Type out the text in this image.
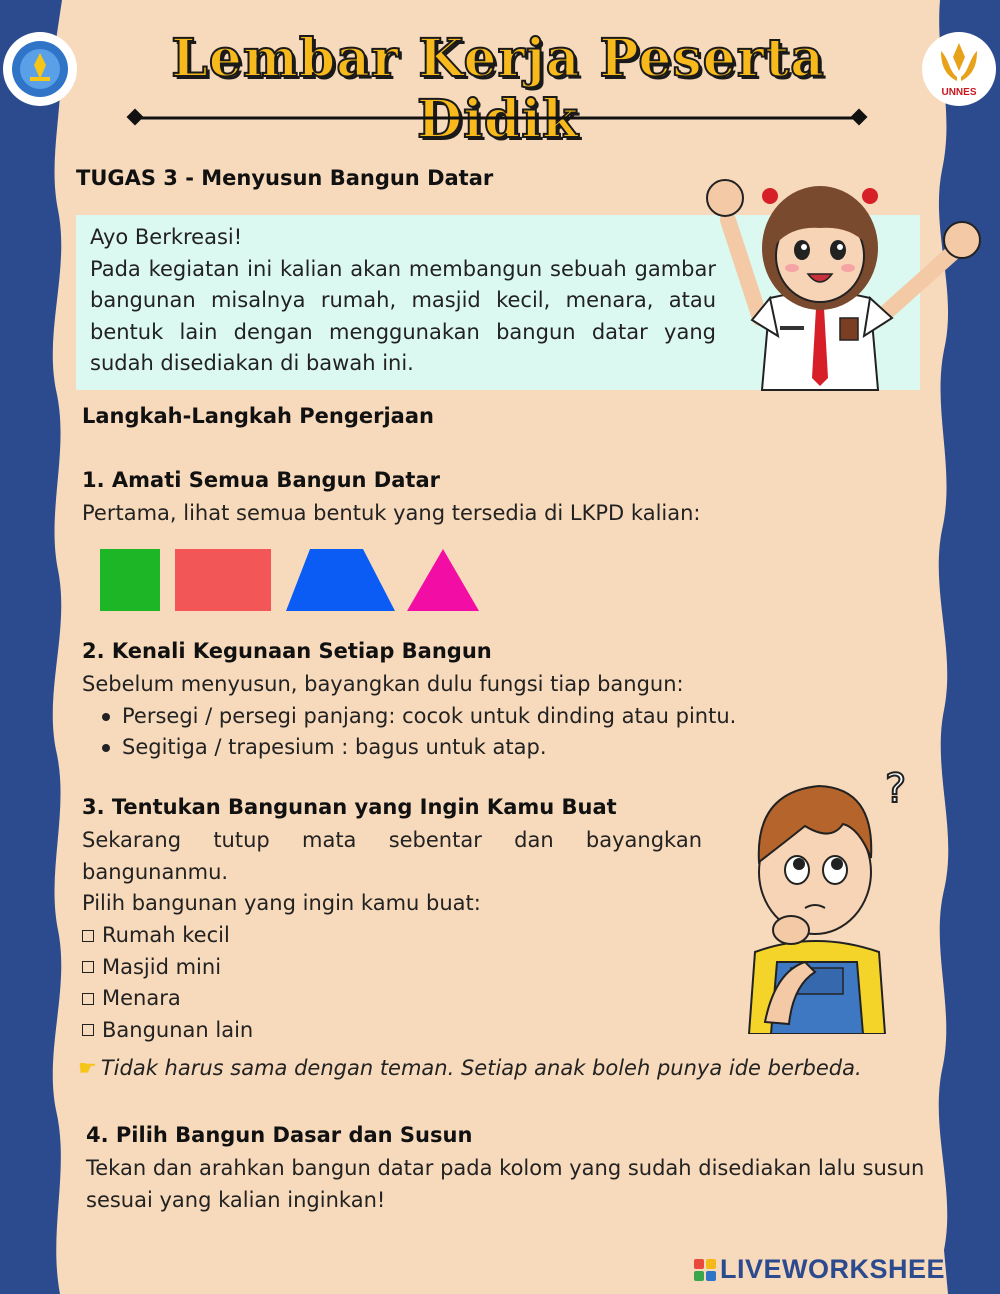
UNNES
Lembar Kerja Peserta Didik
TUGAS 3 - Menyusun Bangun Datar

Ayo Berkreasi!

Pada kegiatan ini kalian akan membangun sebuah gambar bangunan misalnya rumah, masjid kecil, menara, atau bentuk lain dengan menggunakan bangun datar yang sudah disediakan di bawah ini.

Langkah-Langkah Pengerjaan
1. Amati Semua Bangun Datar
Pertama, lihat semua bentuk yang tersedia di LKPD kalian:
2. Kenali Kegunaan Setiap Bangun
Sebelum menyusun, bayangkan dulu fungsi tiap bangun:
Persegi / persegi panjang: cocok untuk dinding atau pintu.
Segitiga / trapesium : bagus untuk atap.
3. Tentukan Bangunan yang Ingin Kamu Buat
Sekarang tutup mata sebentar dan bayangkan bangunanmu.
Pilih bangunan yang ingin kamu buat:
Rumah kecil
Masjid mini
Menara
Bangunan lain
?
☛ Tidak harus sama dengan teman. Setiap anak boleh punya ide berbeda.
4. Pilih Bangun Dasar dan Susun
Tekan dan arahkan bangun datar pada kolom yang sudah disediakan lalu susun sesuai yang kalian inginkan!
LIVEWORKSHEETS
